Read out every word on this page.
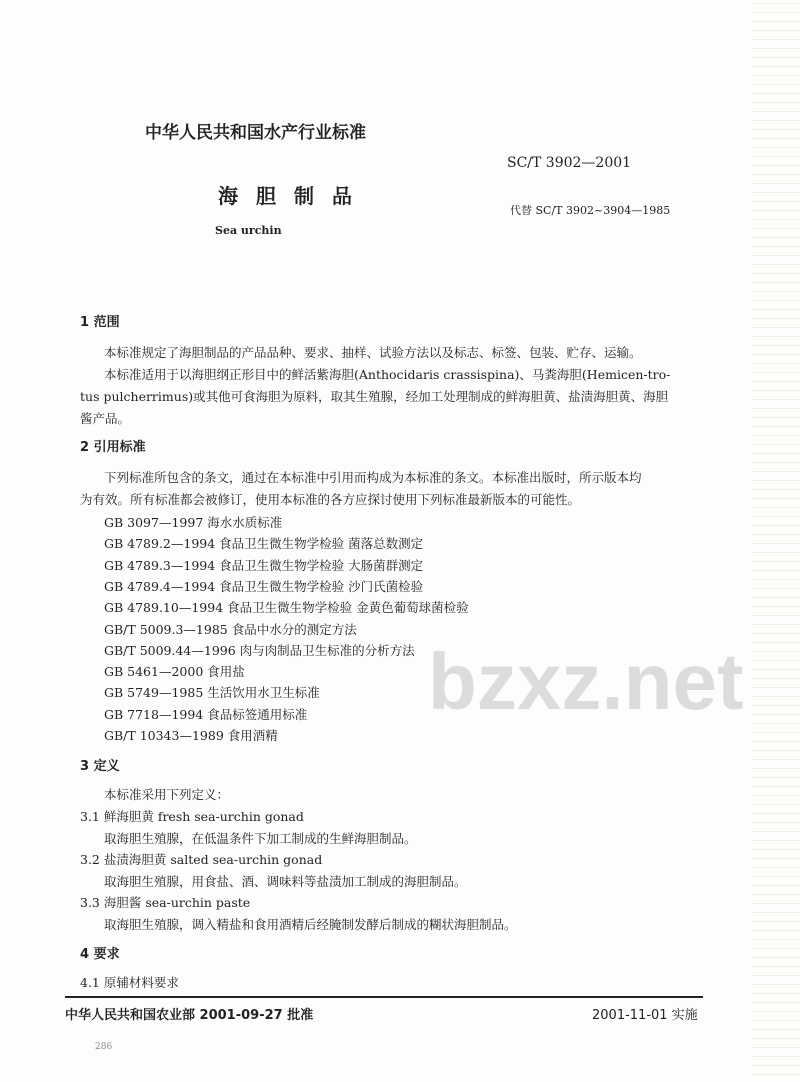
bzxz.net
中华人民共和国水产行业标准
SC/T 3902—2001
海胆制品
代替 SC/T 3902~3904—1985
Sea urchin
1 范围
本标准规定了海胆制品的产品品种、要求、抽样、试验方法以及标志、标签、包装、贮存、运输。
本标准适用于以海胆纲正形目中的鲜活紫海胆(Anthocidaris crassispina)、马粪海胆(Hemicen-tro-
tus pulcherrimus)或其他可食海胆为原料，取其生殖腺，经加工处理制成的鲜海胆黄、盐渍海胆黄、海胆
酱产品。
2 引用标准
下列标准所包含的条文，通过在本标准中引用而构成为本标准的条文。本标准出版时，所示版本均
为有效。所有标准都会被修订，使用本标准的各方应探讨使用下列标准最新版本的可能性。
GB 3097—1997 海水水质标准
GB 4789.2—1994 食品卫生微生物学检验 菌落总数测定
GB 4789.3—1994 食品卫生微生物学检验 大肠菌群测定
GB 4789.4—1994 食品卫生微生物学检验 沙门氏菌检验
GB 4789.10—1994 食品卫生微生物学检验 金黄色葡萄球菌检验
GB/T 5009.3—1985 食品中水分的测定方法
GB/T 5009.44—1996 肉与肉制品卫生标准的分析方法
GB 5461—2000 食用盐
GB 5749—1985 生活饮用水卫生标准
GB 7718—1994 食品标签通用标准
GB/T 10343—1989 食用酒精
3 定义
本标准采用下列定义：
3.1 鲜海胆黄 fresh sea-urchin gonad
取海胆生殖腺，在低温条件下加工制成的生鲜海胆制品。
3.2 盐渍海胆黄 salted sea-urchin gonad
取海胆生殖腺，用食盐、酒、调味料等盐渍加工制成的海胆制品。
3.3 海胆酱 sea-urchin paste
取海胆生殖腺，调入精盐和食用酒精后经腌制发酵后制成的糊状海胆制品。
4 要求
4.1 原辅材料要求
中华人民共和国农业部 2001-09-27 批准	2001-11-01 实施
286
